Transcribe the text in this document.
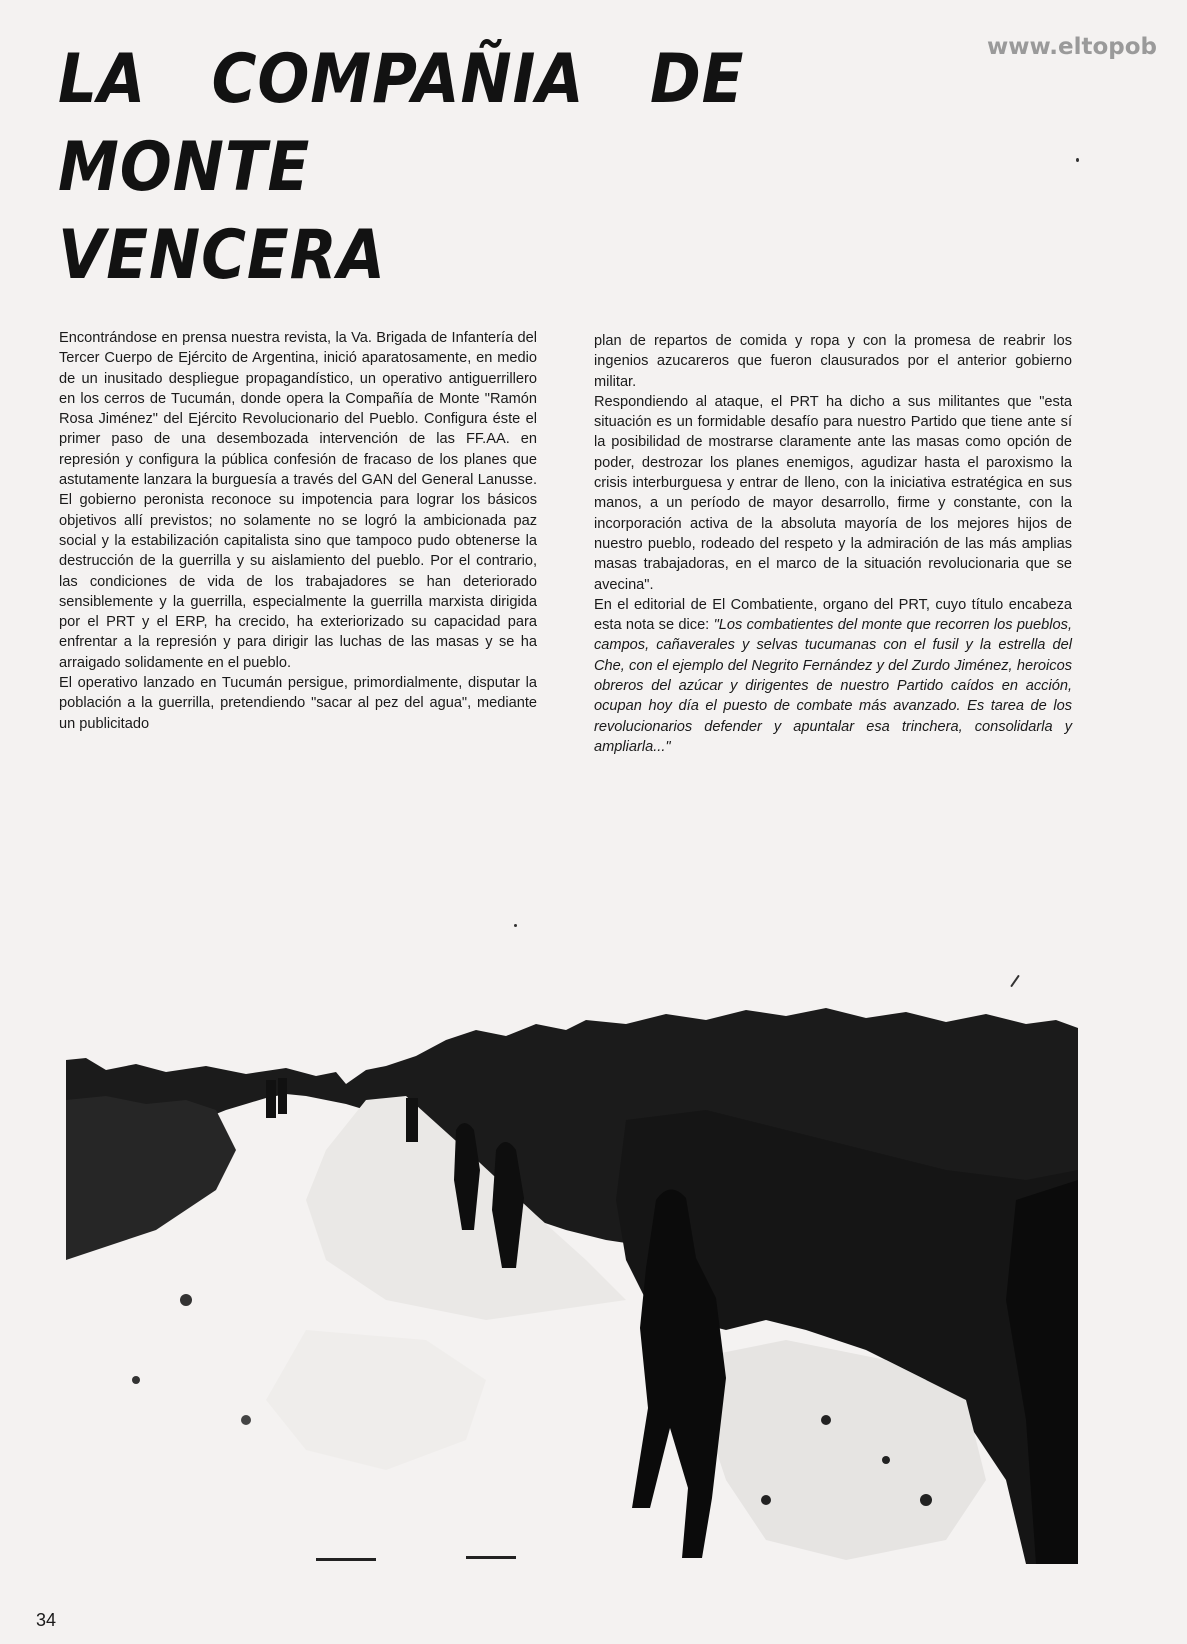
www.eltopob
LA COMPAÑIA DE MONTE
VENCERA

Encontrándose en prensa nuestra revista, la Va. Brigada de Infantería del Tercer Cuerpo de Ejército de Argentina, inició aparatosamente, en medio de un inusitado despliegue propagandístico, un operativo antiguerrillero en los cerros de Tucumán, donde opera la Compañía de Monte "Ramón Rosa Jiménez" del Ejército Revolucionario del Pueblo. Configura éste el primer paso de una desembozada intervención de las FF.AA. en represión y configura la pública confesión de fracaso de los planes que astutamente lanzara la burguesía a través del GAN del General Lanusse. El gobierno peronista reconoce su impotencia para lograr los básicos objetivos allí previstos; no solamente no se logró la ambicionada paz social y la estabilización capitalista sino que tampoco pudo obtenerse la destrucción de la guerrilla y su aislamiento del pueblo. Por el contrario, las condiciones de vida de los trabajadores se han deteriorado sensiblemente y la guerrilla, especialmente la guerrilla marxista dirigida por el PRT y el ERP, ha crecido, ha exteriorizado su capacidad para enfrentar a la represión y para dirigir las luchas de las masas y se ha arraigado solidamente en el pueblo.

El operativo lanzado en Tucumán persigue, primordialmente, disputar la población a la guerrilla, pretendiendo "sacar al pez del agua", mediante un publicitado

plan de repartos de comida y ropa y con la promesa de reabrir los ingenios azucareros que fueron clausurados por el anterior gobierno militar.

Respondiendo al ataque, el PRT ha dicho a sus militantes que "esta situación es un formidable desafío para nuestro Partido que tiene ante sí la posibilidad de mostrarse claramente ante las masas como opción de poder, destrozar los planes enemigos, agudizar hasta el paroxismo la crisis interburguesa y entrar de lleno, con la iniciativa estratégica en sus manos, a un período de mayor desarrollo, firme y constante, con la incorporación activa de la absoluta mayoría de los mejores hijos de nuestro pueblo, rodeado del respeto y la admiración de las más amplias masas trabajadoras, en el marco de la situación revolucionaria que se avecina".

En el editorial de El Combatiente, organo del PRT, cuyo título encabeza esta nota se dice: "Los combatientes del monte que recorren los pueblos, campos, cañaverales y selvas tucumanas con el fusil y la estrella del Che, con el ejemplo del Negrito Fernández y del Zurdo Jiménez, heroicos obreros del azúcar y dirigentes de nuestro Partido caídos en acción, ocupan hoy día el puesto de combate más avanzado. Es tarea de los revolucionarios defender y apuntalar esa trinchera, consolidarla y ampliarla..."

34
